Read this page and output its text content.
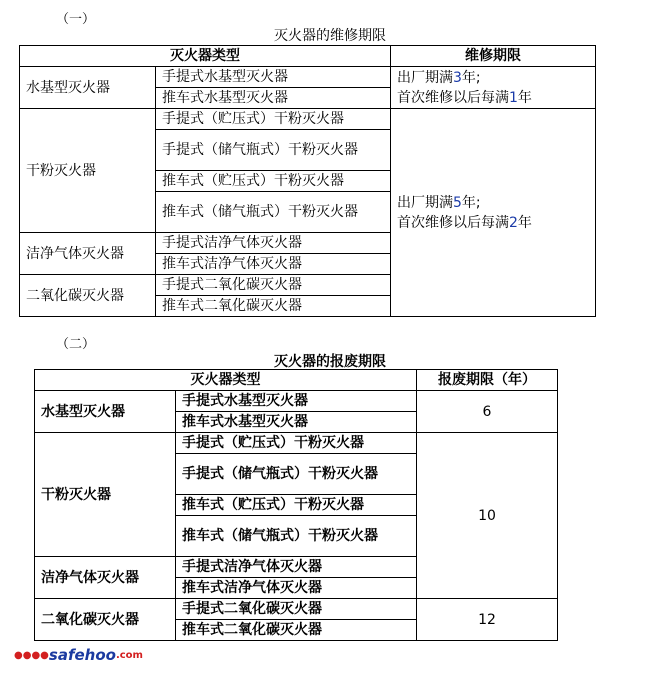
（一）
灭火器的维修期限
灭火器类型		维修期限
水基型灭火器	手提式水基型灭火器	出厂期满3年;
首次维修以后每满1年

	推车式水基型灭火器	
干粉灭火器	手提式（贮压式）干粉灭火器	出厂期满5年;
首次维修以后每满2年

	手提式（储气瓶式）干粉灭火器	
	推车式（贮压式）干粉灭火器	
	推车式（储气瓶式）干粉灭火器	
洁净气体灭火器	手提式洁净气体灭火器	
	推车式洁净气体灭火器	
二氧化碳灭火器	手提式二氧化碳灭火器	
	推车式二氧化碳灭火器	
（二）
灭火器的报废期限
灭火器类型		报废期限（年）
水基型灭火器	手提式水基型灭火器	6
	推车式水基型灭火器	
干粉灭火器	手提式（贮压式）干粉灭火器	10
	手提式（储气瓶式）干粉灭火器	
	推车式（贮压式）干粉灭火器	
	推车式（储气瓶式）干粉灭火器	
洁净气体灭火器	手提式洁净气体灭火器	
	推车式洁净气体灭火器	
二氧化碳灭火器	手提式二氧化碳灭火器	12
	推车式二氧化碳灭火器	
●●●●safehoo.com
